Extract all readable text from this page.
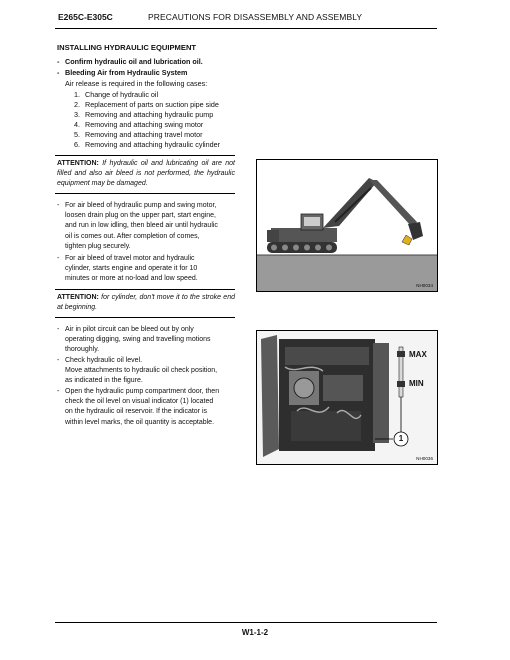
E265C-E305C	PRECAUTIONS FOR DISASSEMBLY AND ASSEMBLY
INSTALLING HYDRAULIC EQUIPMENT
- Confirm hydraulic oil and lubrication oil.
- Bleeding Air from Hydraulic System
Air release is required in the following cases:
1. Change of hydraulic oil
2. Replacement of parts on suction pipe side
3. Removing and attaching hydraulic pump
4. Removing and attaching swing motor
5. Removing and attaching travel motor
6. Removing and attaching hydraulic cylinder
ATTENTION: If hydraulic oil and lubricating oil are not filled and also air bleed is not performed, the hydraulic equipment may be damaged.
- For air bleed of hydraulic pump and swing motor,
loosen drain plug on the upper part, start engine,
and run in low idling, then bleed air until hydraulic
oil is comes out. After completion of comes,
tighten plug securely.
- For air bleed of travel motor and hydraulic
cylinder, starts engine and operate it for 10
minutes or more at no-load and low speed.
ATTENTION: for cylinder, don't move it to the stroke end at beginning.
- Air in pilot circuit can be bleed out by only
operating digging, swing and travelling motions
thoroughly.
- Check hydraulic oil level.
Move attachments to hydraulic oil check position,
as indicated in the figure.
- Open the hydraulic pump compartment door, then
check the oil level on visual indicator (1) located
on the hydraulic oil reservoir. If the indicator is
within level marks, the oil quantity is acceptable.
NH0034
MAX
MIN
1
NH0036
W1-1-2
